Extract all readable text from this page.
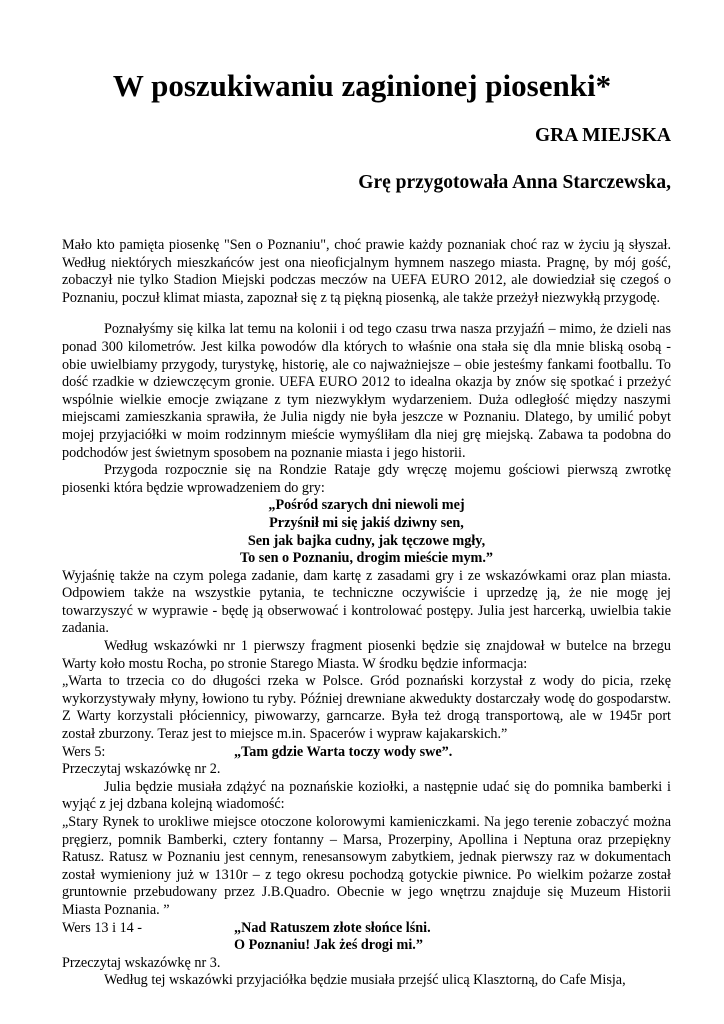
W poszukiwaniu zaginionej piosenki*
GRA MIEJSKA
Grę przygotowała Anna Starczewska,

Mało kto pamięta piosenkę "Sen o Poznaniu", choć prawie każdy poznaniak choć raz w życiu ją słyszał. Według niektórych mieszkańców jest ona nieoficjalnym hymnem naszego miasta. Pragnę, by mój gość, zobaczył nie tylko Stadion Miejski podczas meczów na UEFA EURO 2012, ale dowiedział się czegoś o Poznaniu, poczuł klimat miasta, zapoznał się z tą piękną piosenką, ale także przeżył niezwykłą przygodę.

Poznałyśmy się kilka lat temu na kolonii i od tego czasu trwa nasza przyjaźń – mimo, że dzieli nas ponad 300 kilometrów. Jest kilka powodów dla których to właśnie ona stała się dla mnie bliską osobą - obie uwielbiamy przygody, turystykę, historię, ale co najważniejsze – obie jesteśmy fankami footballu. To dość rzadkie w dziewczęcym gronie. UEFA EURO 2012 to idealna okazja by znów się spotkać i przeżyć wspólnie wielkie emocje związane z tym niezwykłym wydarzeniem. Duża odległość między naszymi miejscami zamieszkania sprawiła, że Julia nigdy nie była jeszcze w Poznaniu. Dlatego, by umilić pobyt mojej przyjaciółki w moim rodzinnym mieście wymyśliłam dla niej grę miejską. Zabawa ta podobna do podchodów jest świetnym sposobem na poznanie miasta i jego historii.

Przygoda rozpocznie się na Rondzie Rataje gdy wręczę mojemu gościowi pierwszą zwrotkę piosenki która będzie wprowadzeniem do gry:

„Pośród szarych dni niewoli mej

Przyśnił mi się jakiś dziwny sen,

Sen jak bajka cudny, jak tęczowe mgły,

To sen o Poznaniu, drogim mieście mym.”

Wyjaśnię także na czym polega zadanie, dam kartę z zasadami gry i ze wskazówkami oraz plan miasta. Odpowiem także na wszystkie pytania, te techniczne oczywiście i uprzedzę ją, że nie mogę jej towarzyszyć w wyprawie - będę ją obserwować i kontrolować postępy. Julia jest harcerką, uwielbia takie zadania.

Według wskazówki nr 1 pierwszy fragment piosenki będzie się znajdował w butelce na brzegu Warty koło mostu Rocha, po stronie Starego Miasta. W środku będzie informacja:

„Warta to trzecia co do długości rzeka w Polsce. Gród poznański korzystał z wody do picia, rzekę wykorzystywały młyny, łowiono tu ryby. Później drewniane akwedukty dostarczały wodę do gospodarstw. Z Warty korzystali płóciennicy, piwowarzy, garncarze. Była też drogą transportową, ale w 1945r port został zburzony. Teraz jest to miejsce m.in. Spacerów i wypraw kajakarskich.”

Wers 5:	„Tam gdzie Warta toczy wody swe”.

Przeczytaj wskazówkę nr 2.

Julia będzie musiała zdążyć na poznańskie koziołki, a następnie udać się do pomnika bamberki i wyjąć z jej dzbana kolejną wiadomość:

„Stary Rynek to urokliwe miejsce otoczone kolorowymi kamieniczkami. Na jego terenie zobaczyć można pręgierz, pomnik Bamberki, cztery fontanny – Marsa, Prozerpiny, Apollina i Neptuna oraz przepiękny Ratusz. Ratusz w Poznaniu jest cennym, renesansowym zabytkiem, jednak pierwszy raz w dokumentach został wymieniony już w 1310r – z tego okresu pochodzą gotyckie piwnice. Po wielkim pożarze został gruntownie przebudowany przez J.B.Quadro. Obecnie w jego wnętrzu znajduje się Muzeum Historii Miasta Poznania. ”

Wers 13 i 14 -	„Nad Ratuszem złote słońce lśni.
O Poznaniu! Jak żeś drogi mi.”

Przeczytaj wskazówkę nr 3.

Według tej wskazówki przyjaciółka będzie musiała przejść ulicą Klasztorną, do Cafe Misja,
